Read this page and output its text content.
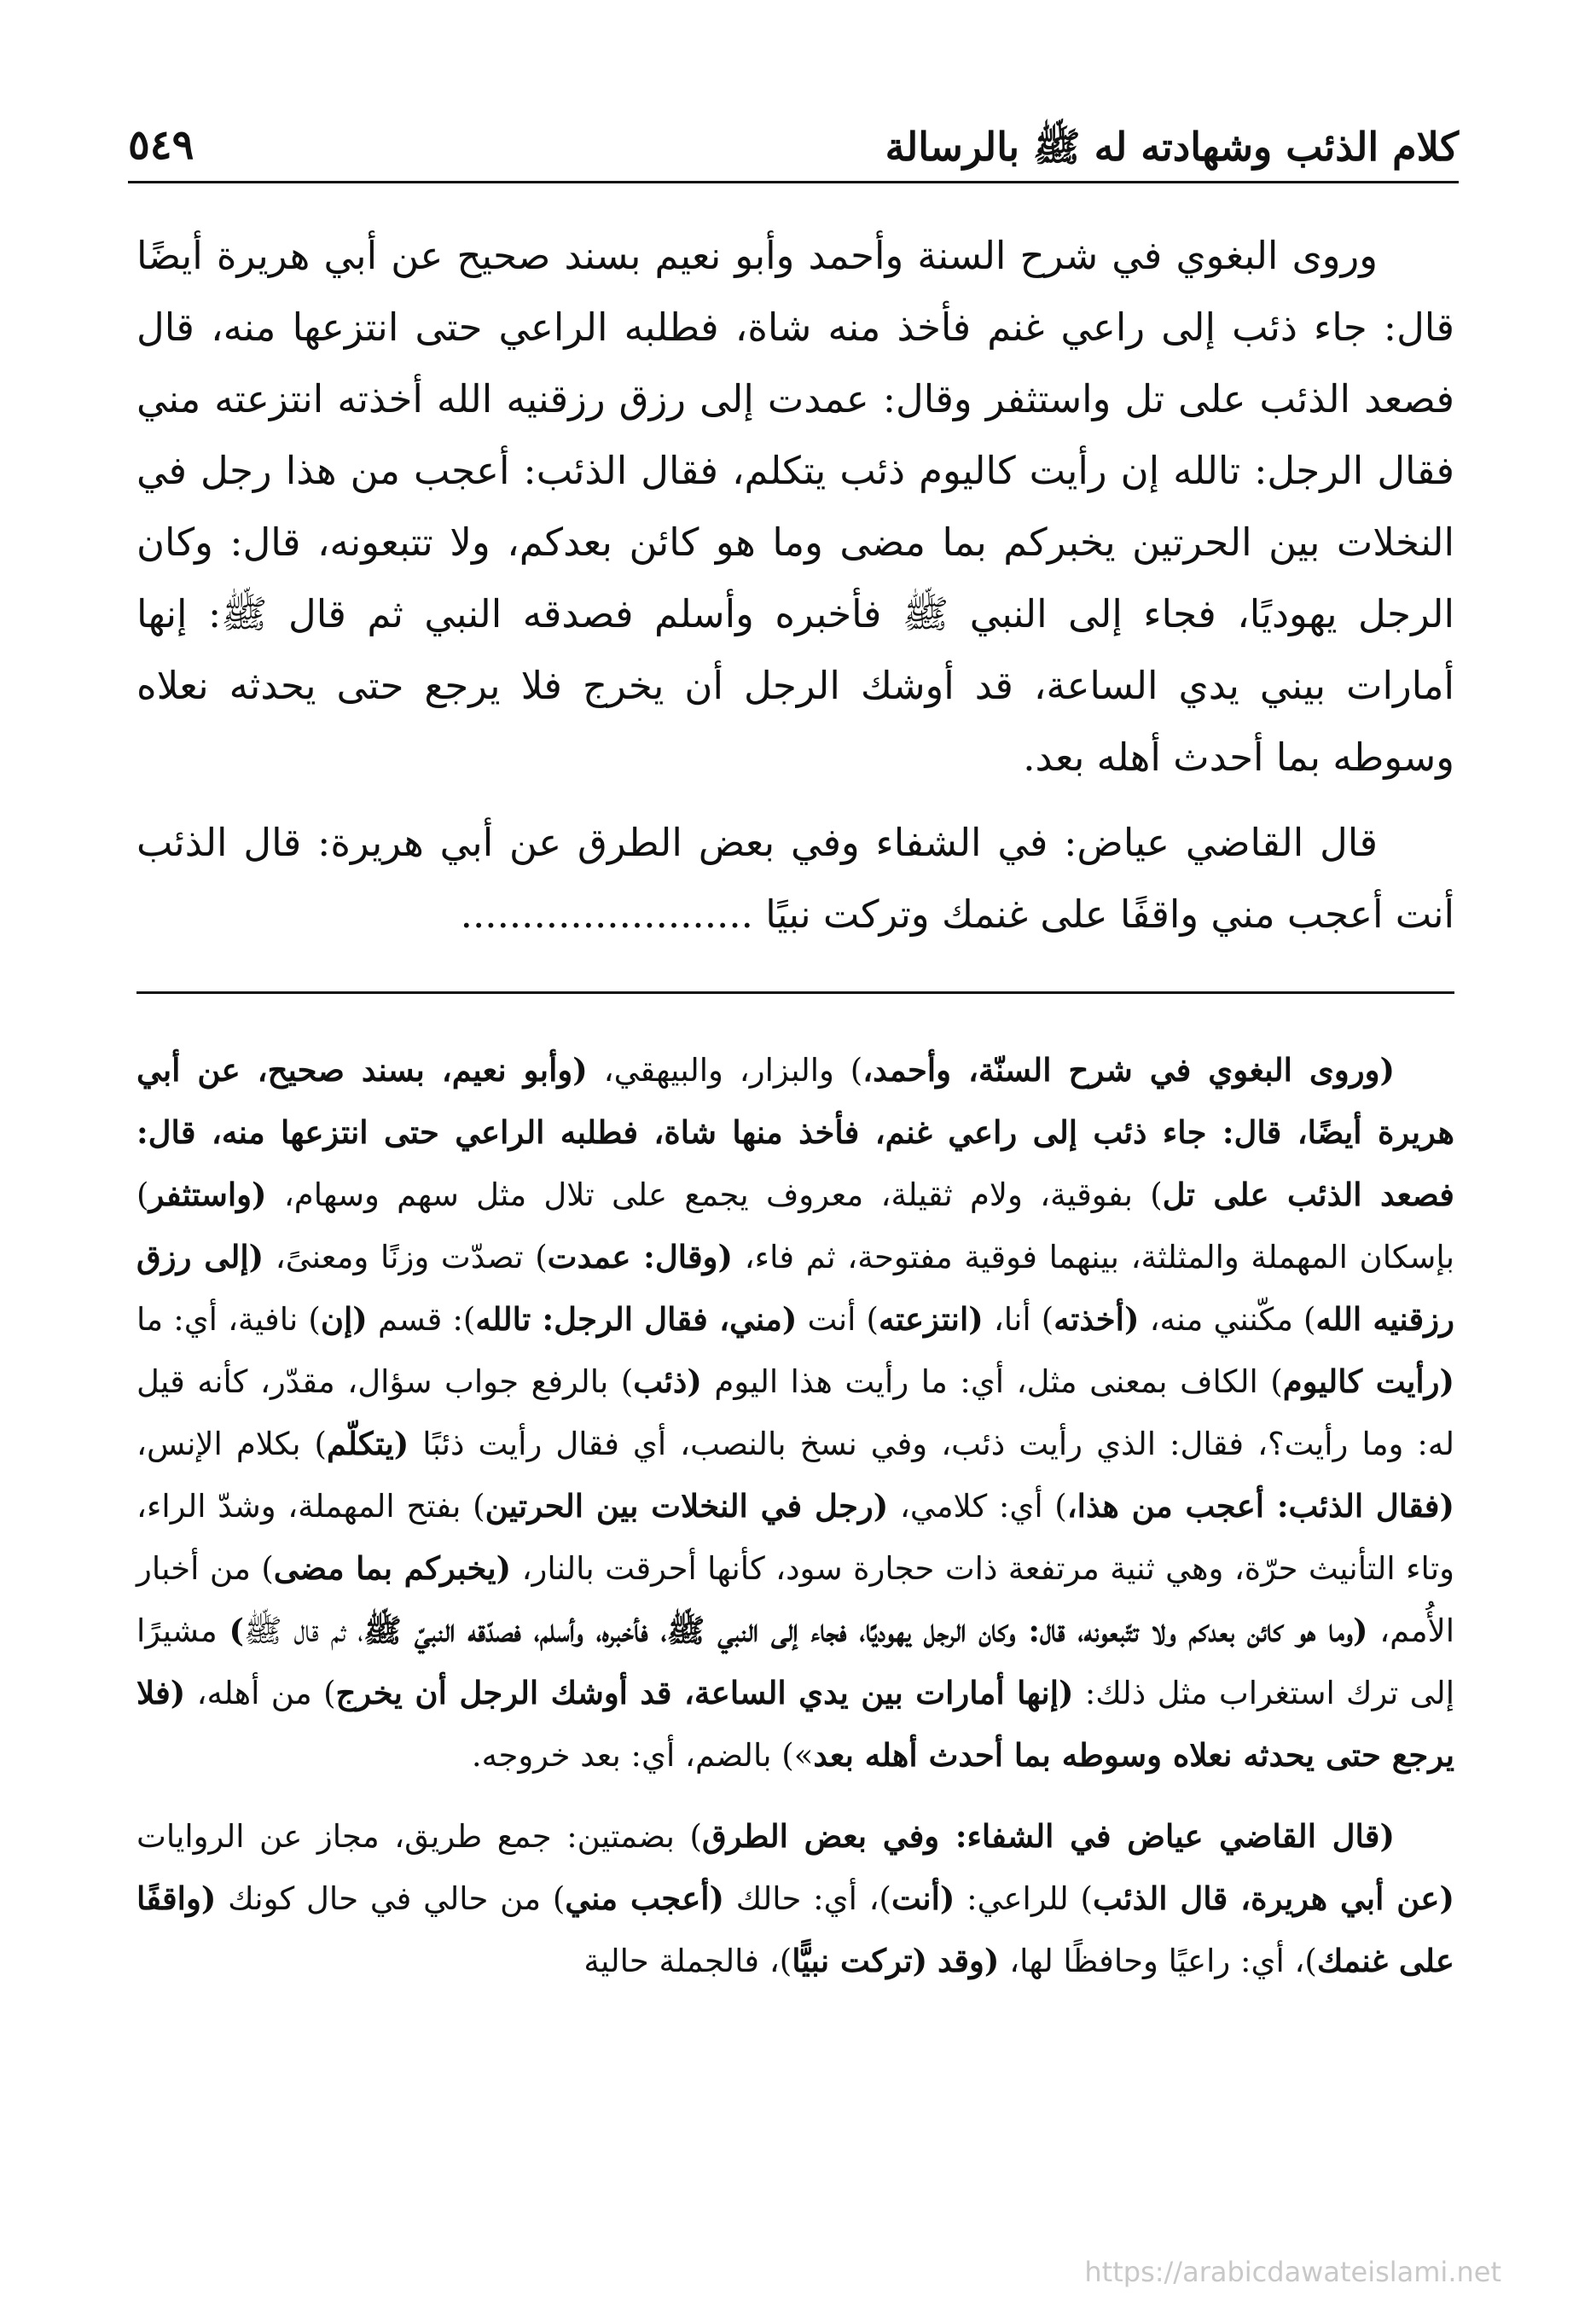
كلام الذئب وشهادته له ﷺ بالرسالة
٥٤٩

وروى البغوي في شرح السنة وأحمد وأبو نعيم بسند صحيح عن أبي هريرة أيضًا قال: جاء ذئب إلى راعي غنم فأخذ منه شاة، فطلبه الراعي حتى انتزعها منه، قال فصعد الذئب على تل واستثفر وقال: عمدت إلى رزق رزقنيه الله أخذته انتزعته مني فقال الرجل: تالله إن رأيت كاليوم ذئب يتكلم، فقال الذئب: أعجب من هذا رجل في النخلات بين الحرتين يخبركم بما مضى وما هو كائن بعدكم، ولا تتبعونه، قال: وكان الرجل يهوديًا، فجاء إلى النبي ﷺ فأخبره وأسلم فصدقه النبي ثم قال ﷺ: إنها أمارات بيني يدي الساعة، قد أوشك الرجل أن يخرج فلا يرجع حتى يحدثه نعلاه وسوطه بما أحدث أهله بعد.

قال القاضي عياض: في الشفاء وفي بعض الطرق عن أبي هريرة: قال الذئب أنت أعجب مني واقفًا على غنمك وتركت نبيًا ........................

(وروى البغوي في شرح السنّة، وأحمد،) والبزار، والبيهقي، (وأبو نعيم، بسند صحيح، عن أبي هريرة أيضًا، قال: جاء ذئب إلى راعي غنم، فأخذ منها شاة، فطلبه الراعي حتى انتزعها منه، قال: فصعد الذئب على تل) بفوقية، ولام ثقيلة، معروف يجمع على تلال مثل سهم وسهام، (واستثفر) بإسكان المهملة والمثلثة، بينهما فوقية مفتوحة، ثم فاء، (وقال: عمدت) تصدّت وزنًا ومعنىً، (إلى رزق رزقنيه الله) مكّنني منه، (أخذته) أنا، (انتزعته) أنت (مني، فقال الرجل: تالله): قسم (إن) نافية، أي: ما (رأيت كاليوم) الكاف بمعنى مثل، أي: ما رأيت هذا اليوم (ذئب) بالرفع جواب سؤال، مقدّر، كأنه قيل له: وما رأيت؟، فقال: الذي رأيت ذئب، وفي نسخ بالنصب، أي فقال رأيت ذئبًا (يتكلّم) بكلام الإنس، (فقال الذئب: أعجب من هذا،) أي: كلامي، (رجل في النخلات بين الحرتين) بفتح المهملة، وشدّ الراء، وتاء التأنيث حرّة، وهي ثنية مرتفعة ذات حجارة سود، كأنها أحرقت بالنار، (يخبركم بما مضى) من أخبار الأُمم، (وما هو كائن بعدكم ولا تتّبعونه، قال: وكان الرجل يهوديًا، فجاء إلى النبي ﷺ، فأخبره، وأسلم، فصدّقه النبيّ ﷺ، ثم قال ﷺ) مشيرًا إلى ترك استغراب مثل ذلك: (إنها أمارات بين يدي الساعة، قد أوشك الرجل أن يخرج) من أهله، (فلا يرجع حتى يحدثه نعلاه وسوطه بما أحدث أهله بعد») بالضم، أي: بعد خروجه.

(قال القاضي عياض في الشفاء: وفي بعض الطرق) بضمتين: جمع طريق، مجاز عن الروايات (عن أبي هريرة، قال الذئب) للراعي: (أنت)، أي: حالك (أعجب مني) من حالي في حال كونك (واقفًا على غنمك)، أي: راعيًا وحافظًا لها، (وقد (تركت نبيًّا)، فالجملة حالية

https://arabicdawateislami.net
